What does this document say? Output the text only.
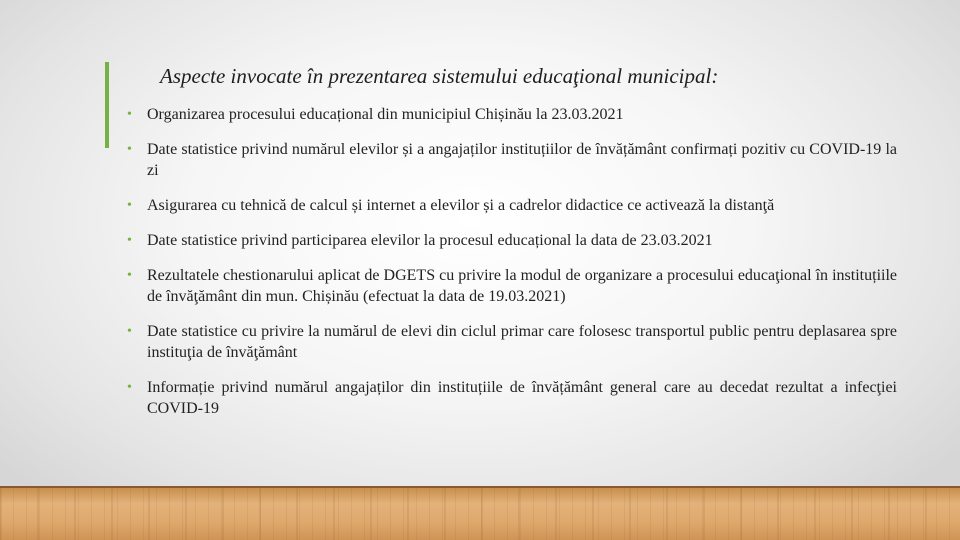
Aspecte invocate în prezentarea sistemului educaţional municipal:
• Organizarea procesului educațional din municipiul Chișinău la 23.03.2021
• Date statistice privind numărul elevilor și a angajaților instituțiilor de învățământ confirmați pozitiv cu COVID-19 la zi
• Asigurarea cu tehnică de calcul și internet a elevilor și a cadrelor didactice ce activează la distanţă
• Date statistice privind participarea elevilor la procesul educațional la data de 23.03.2021
• Rezultatele chestionarului aplicat de DGETS cu privire la modul de organizare a procesului educaţional în instituțiile de învăţământ din mun. Chișinău (efectuat la data de 19.03.2021)
• Date statistice cu privire la numărul de elevi din ciclul primar care folosesc transportul public pentru deplasarea spre instituţia de învăţământ
• Informație privind numărul angajaților din instituțiile de învățământ general care au decedat rezultat a infecţiei COVID-19
